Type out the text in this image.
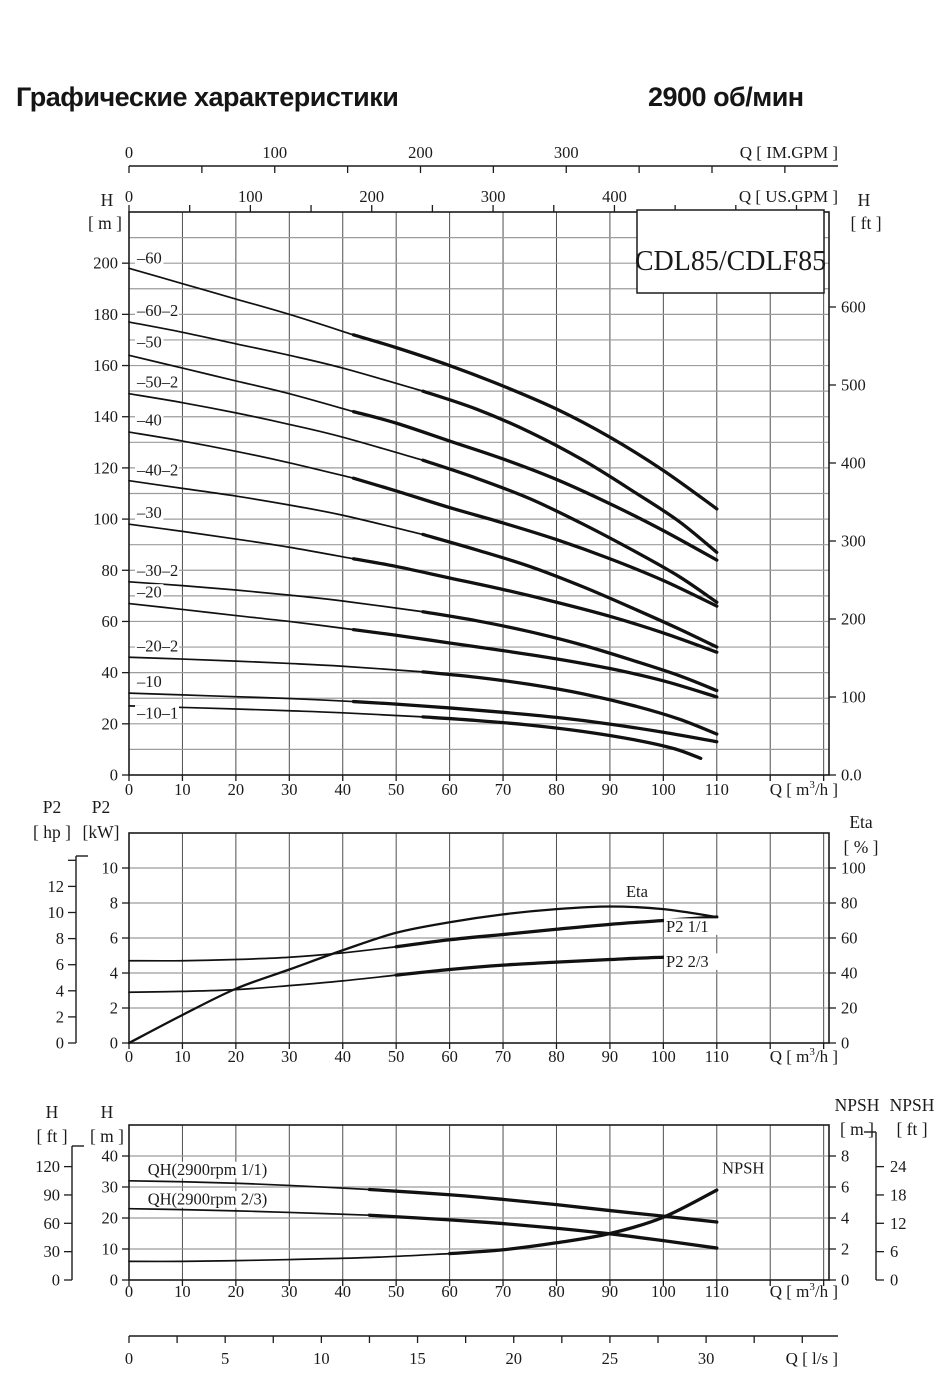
Графические характеристики	2900 об/мин
0 10 20 30 40 50 60 70 80 90 100 110 Q [ $m^3/h$ ]
0
20
40
60
80
100
120
140
160
180
200
0.0
100
200
300
400
500
600
0	100	200	300	Q [ IM.GPM ]
0	100	200	300	400	Q [ US.GPM ]
–60
–60–2
–50
–50–2
–40
–40–2
–30
–30–2
–20
–20–2
–10
–10–1
CDL85/CDLF85
H
[ m ]
H
[ ft ]
0 10 20 30 40 50 60 70 80 90 100 110 Q [ $m^3/h$ ]
0
2
4
6
8
10
0
20
40
60
80
100
0
2
4
6
8
10
12	Eta
P2 1/1
P2 2/3
P2
[ hp ]
P2
[kW]	Eta
[ % ]
0 10 20 30 40 50 60 70 80 90 100 110 Q [ $m^3/h$ ]
0
10
20
30
40
0
2
4
6
8
0
30
60
90
120
0
6
12
18
24
0	5	10	15	20	25	30	Q [ l/s ]
QH(2900rpm 1/1)
QH(2900rpm 2/3)
NPSH
H
[ ft ]
H
[ m ]
NPSH
[ m ]
NPSH
[ ft ]
